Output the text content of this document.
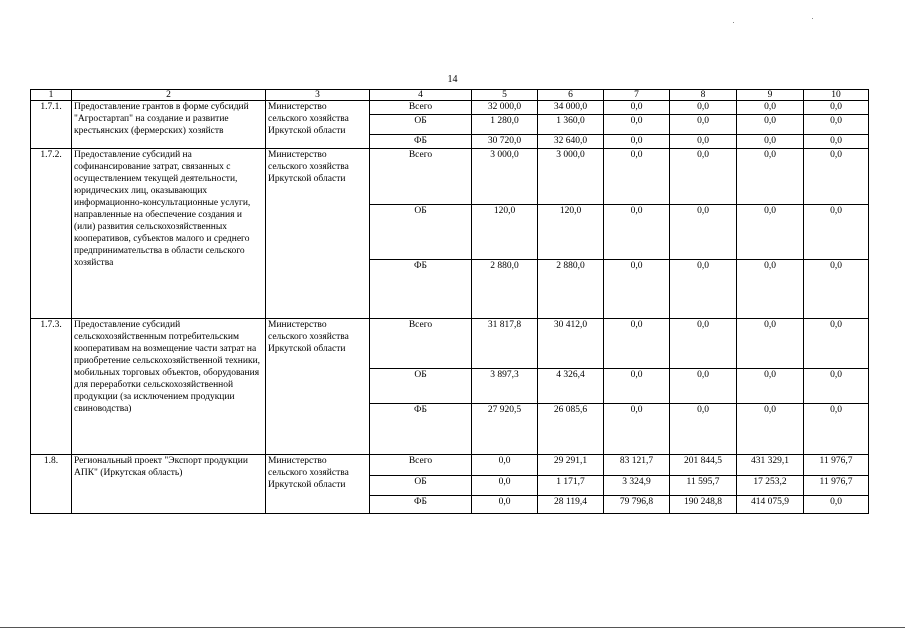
14
1	2	3	4	5	6	7	8	9	10
1.7.1.	Предоставление грантов в форме субсидий "Агростартап" на создание и развитие крестьянских (фермерских) хозяйств	Министерство сельского хозяйства Иркутской области	Всего	32 000,0	34 000,0	0,0	0,0	0,0	0,0
			ОБ	1 280,0	1 360,0	0,0	0,0	0,0	0,0
			ФБ	30 720,0	32 640,0	0,0	0,0	0,0	0,0
1.7.2.	Предоставление субсидий на софинансирование затрат, связанных с осуществлением текущей деятельности, юридических лиц, оказывающих информационно-консультационные услуги, направленные на обеспечение создания и (или) развития сельскохозяйственных кооперативов, субъектов малого и среднего предпринимательства в области сельского хозяйства	Министерство сельского хозяйства Иркутской области	Всего	3 000,0	3 000,0	0,0	0,0	0,0	0,0
			ОБ	120,0	120,0	0,0	0,0	0,0	0,0
			ФБ	2 880,0	2 880,0	0,0	0,0	0,0	0,0
1.7.3.	Предоставление субсидий сельскохозяйственным потребительским кооперативам на возмещение части затрат на приобретение сельскохозяйственной техники, мобильных торговых объектов, оборудования для переработки сельскохозяйственной продукции (за исключением продукции свиноводства)	Министерство сельского хозяйства Иркутской области	Всего	31 817,8	30 412,0	0,0	0,0	0,0	0,0
			ОБ	3 897,3	4 326,4	0,0	0,0	0,0	0,0
			ФБ	27 920,5	26 085,6	0,0	0,0	0,0	0,0
1.8.	Региональный проект "Экспорт продукции АПК" (Иркутская область)	Министерство сельского хозяйства Иркутской области	Всего	0,0	29 291,1	83 121,7	201 844,5	431 329,1	11 976,7
			ОБ	0,0	1 171,7	3 324,9	11 595,7	17 253,2	11 976,7
			ФБ	0,0	28 119,4	79 796,8	190 248,8	414 075,9	0,0
